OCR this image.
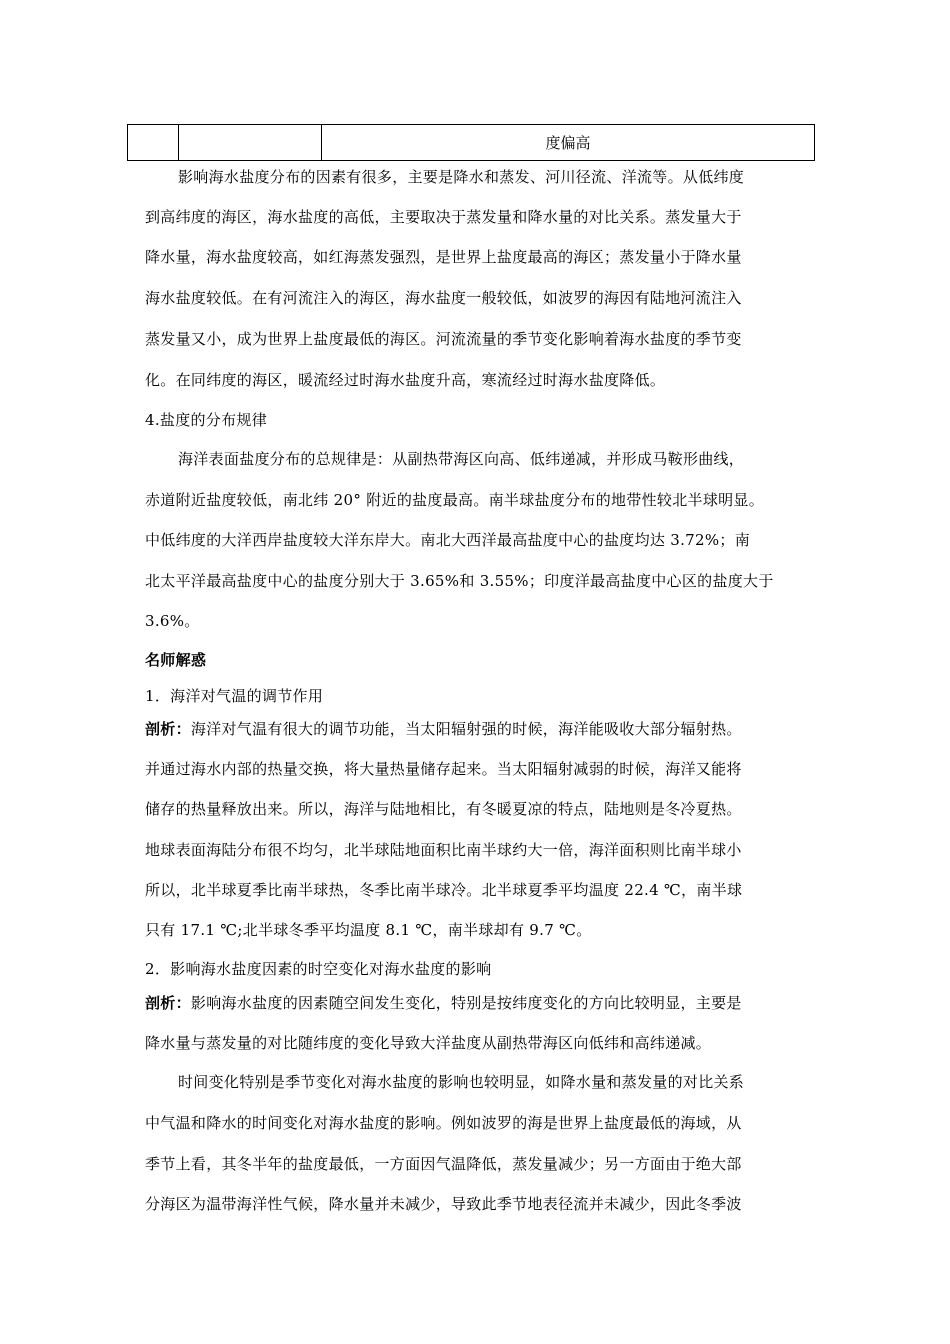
		度偏高
影响海水盐度分布的因素有很多，主要是降水和蒸发、河川径流、洋流等。从低纬度
到高纬度的海区，海水盐度的高低，主要取决于蒸发量和降水量的对比关系。蒸发量大于
降水量，海水盐度较高，如红海蒸发强烈，是世界上盐度最高的海区；蒸发量小于降水量
海水盐度较低。在有河流注入的海区，海水盐度一般较低，如波罗的海因有陆地河流注入
蒸发量又小，成为世界上盐度最低的海区。河流流量的季节变化影响着海水盐度的季节变
化。在同纬度的海区，暖流经过时海水盐度升高，寒流经过时海水盐度降低。
4.盐度的分布规律
海洋表面盐度分布的总规律是：从副热带海区向高、低纬递减，并形成马鞍形曲线，
赤道附近盐度较低，南北纬 20° 附近的盐度最高。南半球盐度分布的地带性较北半球明显。
中低纬度的大洋西岸盐度较大洋东岸大。南北大西洋最高盐度中心的盐度均达 3.72%；南
北太平洋最高盐度中心的盐度分别大于 3.65%和 3.55%；印度洋最高盐度中心区的盐度大于
3.6%。
名师解惑
1．海洋对气温的调节作用
剖析：海洋对气温有很大的调节功能，当太阳辐射强的时候，海洋能吸收大部分辐射热。
并通过海水内部的热量交换，将大量热量储存起来。当太阳辐射减弱的时候，海洋又能将
储存的热量释放出来。所以，海洋与陆地相比，有冬暖夏凉的特点，陆地则是冬冷夏热。
地球表面海陆分布很不均匀，北半球陆地面积比南半球约大一倍，海洋面积则比南半球小
所以，北半球夏季比南半球热，冬季比南半球冷。北半球夏季平均温度 22.4 ℃，南半球
只有 17.1 ℃;北半球冬季平均温度 8.1 ℃，南半球却有 9.7 ℃。
2．影响海水盐度因素的时空变化对海水盐度的影响
剖析：影响海水盐度的因素随空间发生变化，特别是按纬度变化的方向比较明显，主要是
降水量与蒸发量的对比随纬度的变化导致大洋盐度从副热带海区向低纬和高纬递减。
时间变化特别是季节变化对海水盐度的影响也较明显，如降水量和蒸发量的对比关系
中气温和降水的时间变化对海水盐度的影响。例如波罗的海是世界上盐度最低的海域，从
季节上看，其冬半年的盐度最低，一方面因气温降低，蒸发量减少；另一方面由于绝大部
分海区为温带海洋性气候，降水量并未减少，导致此季节地表径流并未减少，因此冬季波
